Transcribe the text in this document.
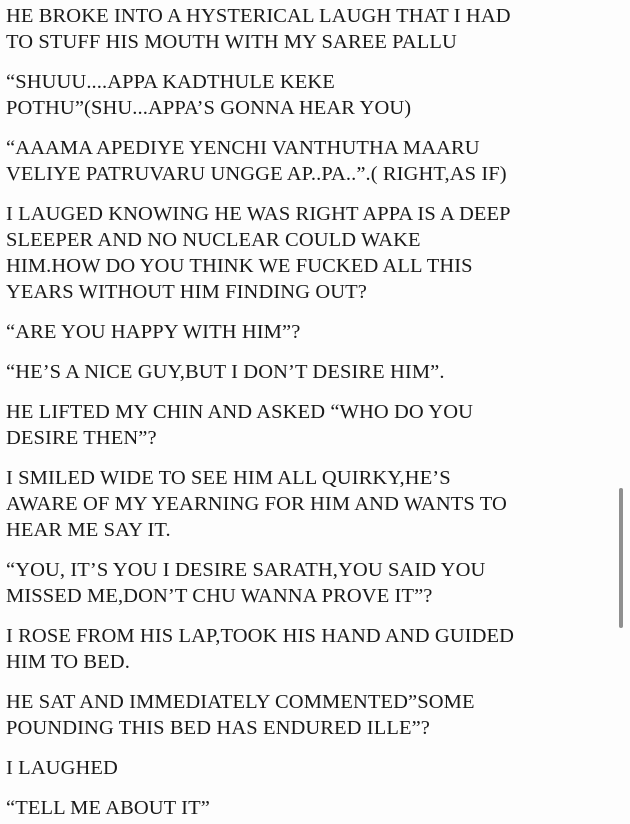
HE BROKE INTO A HYSTERICAL LAUGH THAT I HAD
TO STUFF HIS MOUTH WITH MY SAREE PALLU
“SHUUU....APPA KADTHULE KEKE
POTHU”(SHU...APPA’S GONNA HEAR YOU)
“AAAMA APEDIYE YENCHI VANTHUTHA MAARU
VELIYE PATRUVARU UNGGE AP..PA..”.( RIGHT,AS IF)
I LAUGED KNOWING HE WAS RIGHT APPA IS A DEEP
SLEEPER AND NO NUCLEAR COULD WAKE
HIM.HOW DO YOU THINK WE FUCKED ALL THIS
YEARS WITHOUT HIM FINDING OUT?
“ARE YOU HAPPY WITH HIM”?
“HE’S A NICE GUY,BUT I DON’T DESIRE HIM”.
HE LIFTED MY CHIN AND ASKED “WHO DO YOU
DESIRE THEN”?
I SMILED WIDE TO SEE HIM ALL QUIRKY,HE’S
AWARE OF MY YEARNING FOR HIM AND WANTS TO
HEAR ME SAY IT.
“YOU, IT’S YOU I DESIRE SARATH,YOU SAID YOU
MISSED ME,DON’T CHU WANNA PROVE IT”?
I ROSE FROM HIS LAP,TOOK HIS HAND AND GUIDED
HIM TO BED.
HE SAT AND IMMEDIATELY COMMENTED”SOME
POUNDING THIS BED HAS ENDURED ILLE”?
I LAUGHED
“TELL ME ABOUT IT”
